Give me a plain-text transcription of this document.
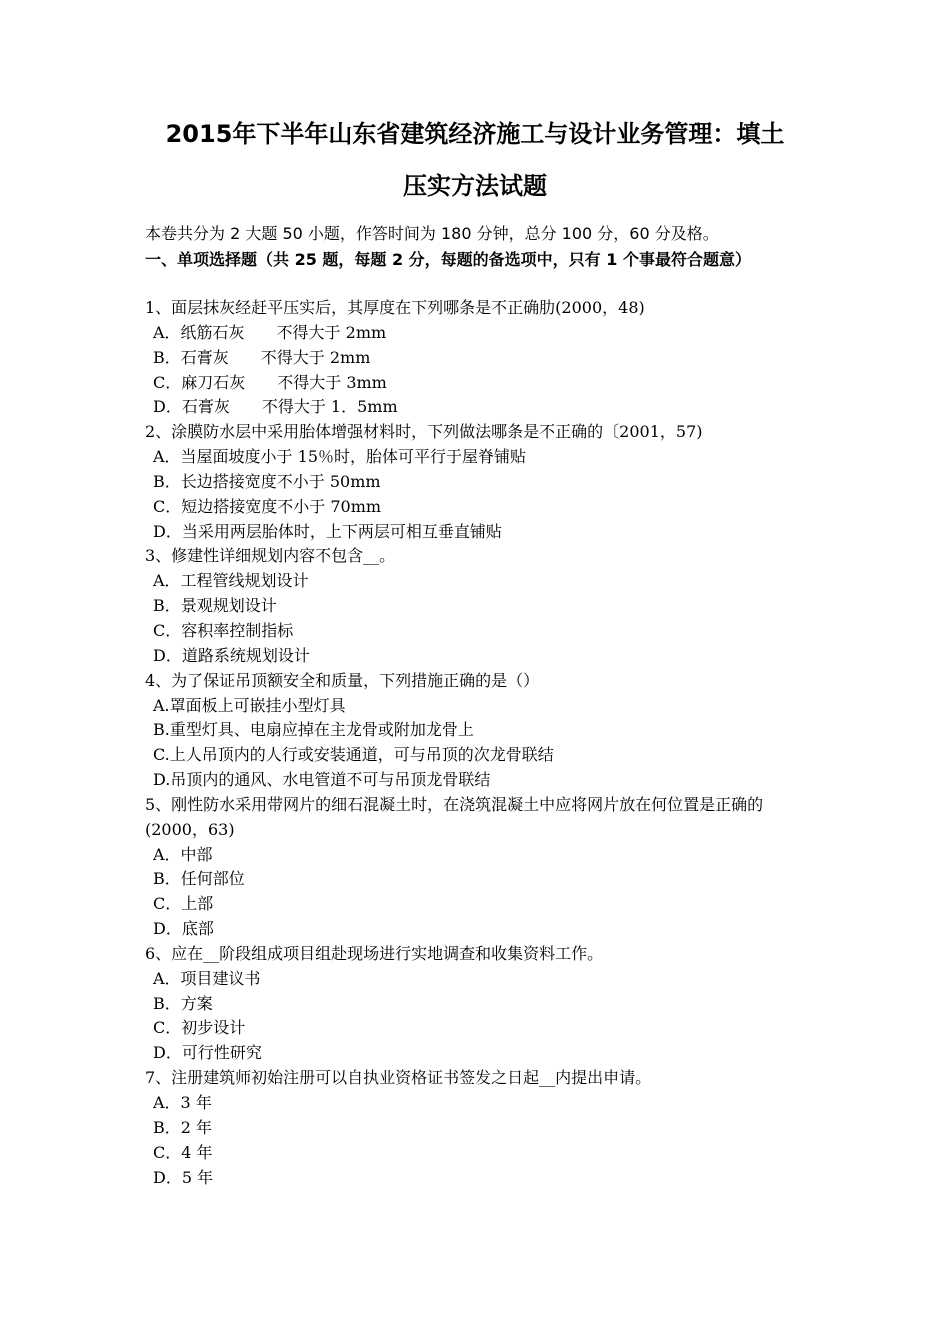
2015年下半年山东省建筑经济施工与设计业务管理：填土
压实方法试题
本卷共分为 2 大题 50 小题，作答时间为 180 分钟，总分 100 分，60 分及格。
一、单项选择题（共 25 题，每题 2 分，每题的备选项中，只有 1 个事最符合题意）

1、面层抹灰经赶平压实后，其厚度在下列哪条是不正确肋(2000，48)

A．纸筋石灰　　不得大于 2mm

B．石膏灰　　不得大于 2mm

C．麻刀石灰　　不得大于 3mm

D．石膏灰　　不得大于 1．5mm

2、涂膜防水层中采用胎体增强材料时，下列做法哪条是不正确的〔2001，57)

A．当屋面坡度小于 15％时，胎体可平行于屋脊铺贴

B．长边搭接宽度不小于 50mm

C．短边搭接宽度不小于 70mm

D．当采用两层胎体时，上下两层可相互垂直铺贴

3、修建性详细规划内容不包含__。

A．工程管线规划设计

B．景观规划设计

C．容积率控制指标

D．道路系统规划设计

4、为了保证吊顶额安全和质量，下列措施正确的是（）

A.罩面板上可嵌挂小型灯具

B.重型灯具、电扇应掉在主龙骨或附加龙骨上

C.上人吊顶内的人行或安装通道，可与吊顶的次龙骨联结

D.吊顶内的通风、水电管道不可与吊顶龙骨联结

5、刚性防水采用带网片的细石混凝土时，在浇筑混凝土中应将网片放在何位置是正确的(2000，63)

A．中部

B．任何部位

C．上部

D．底部

6、应在__阶段组成项目组赴现场进行实地调查和收集资料工作。

A．项目建议书

B．方案

C．初步设计

D．可行性研究

7、注册建筑师初始注册可以自执业资格证书签发之日起__内提出申请。

A．3 年

B．2 年

C．4 年

D．5 年
